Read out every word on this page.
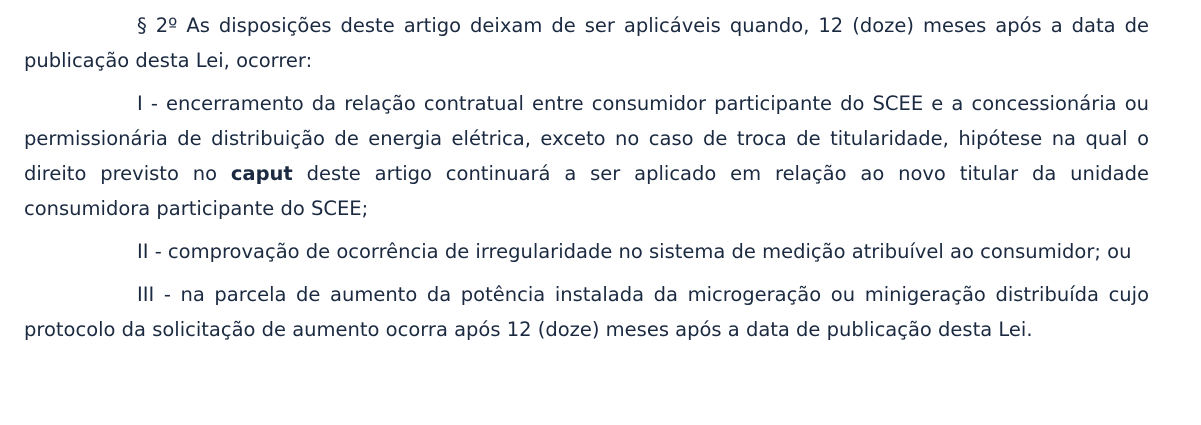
§ 2º As disposições deste artigo deixam de ser aplicáveis quando, 12 (doze) meses após a data de publicação desta Lei, ocorrer:

I - encerramento da relação contratual entre consumidor participante do SCEE e a concessionária ou permissionária de distribuição de energia elétrica, exceto no caso de troca de titularidade, hipótese na qual o direito previsto no caput deste artigo continuará a ser aplicado em relação ao novo titular da unidade consumidora participante do SCEE;

II - comprovação de ocorrência de irregularidade no sistema de medição atribuível ao consumidor; ou

III - na parcela de aumento da potência instalada da microgeração ou minigeração distribuída cujo protocolo da solicitação de aumento ocorra após 12 (doze) meses após a data de publicação desta Lei.
